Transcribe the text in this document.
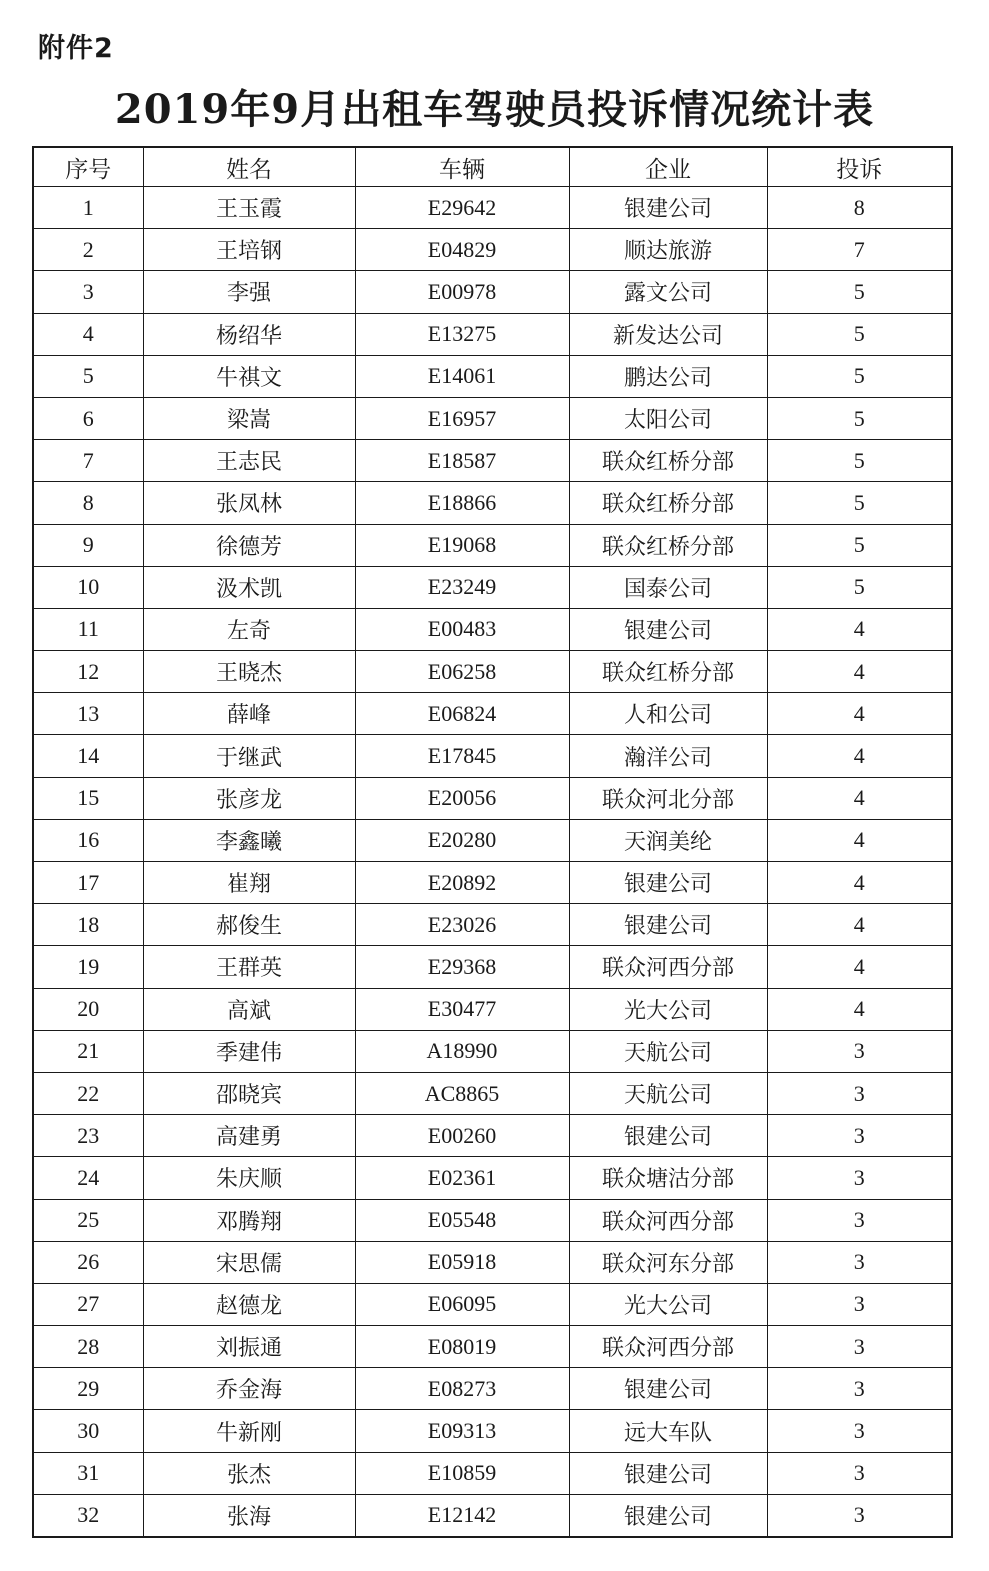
附件2
2019年9月出租车驾驶员投诉情况统计表
序号	姓名	车辆	企业	投诉
1	王玉霞	E29642	银建公司	8
2	王培钢	E04829	顺达旅游	7
3	李强	E00978	露文公司	5
4	杨绍华	E13275	新发达公司	5
5	牛祺文	E14061	鹏达公司	5
6	梁嵩	E16957	太阳公司	5
7	王志民	E18587	联众红桥分部	5
8	张凤林	E18866	联众红桥分部	5
9	徐德芳	E19068	联众红桥分部	5
10	汲术凯	E23249	国泰公司	5
11	左奇	E00483	银建公司	4
12	王晓杰	E06258	联众红桥分部	4
13	薛峰	E06824	人和公司	4
14	于继武	E17845	瀚洋公司	4
15	张彦龙	E20056	联众河北分部	4
16	李鑫曦	E20280	天润美纶	4
17	崔翔	E20892	银建公司	4
18	郝俊生	E23026	银建公司	4
19	王群英	E29368	联众河西分部	4
20	高斌	E30477	光大公司	4
21	季建伟	A18990	天航公司	3
22	邵晓宾	AC8865	天航公司	3
23	高建勇	E00260	银建公司	3
24	朱庆顺	E02361	联众塘沽分部	3
25	邓腾翔	E05548	联众河西分部	3
26	宋思儒	E05918	联众河东分部	3
27	赵德龙	E06095	光大公司	3
28	刘振通	E08019	联众河西分部	3
29	乔金海	E08273	银建公司	3
30	牛新刚	E09313	远大车队	3
31	张杰	E10859	银建公司	3
32	张海	E12142	银建公司	3
